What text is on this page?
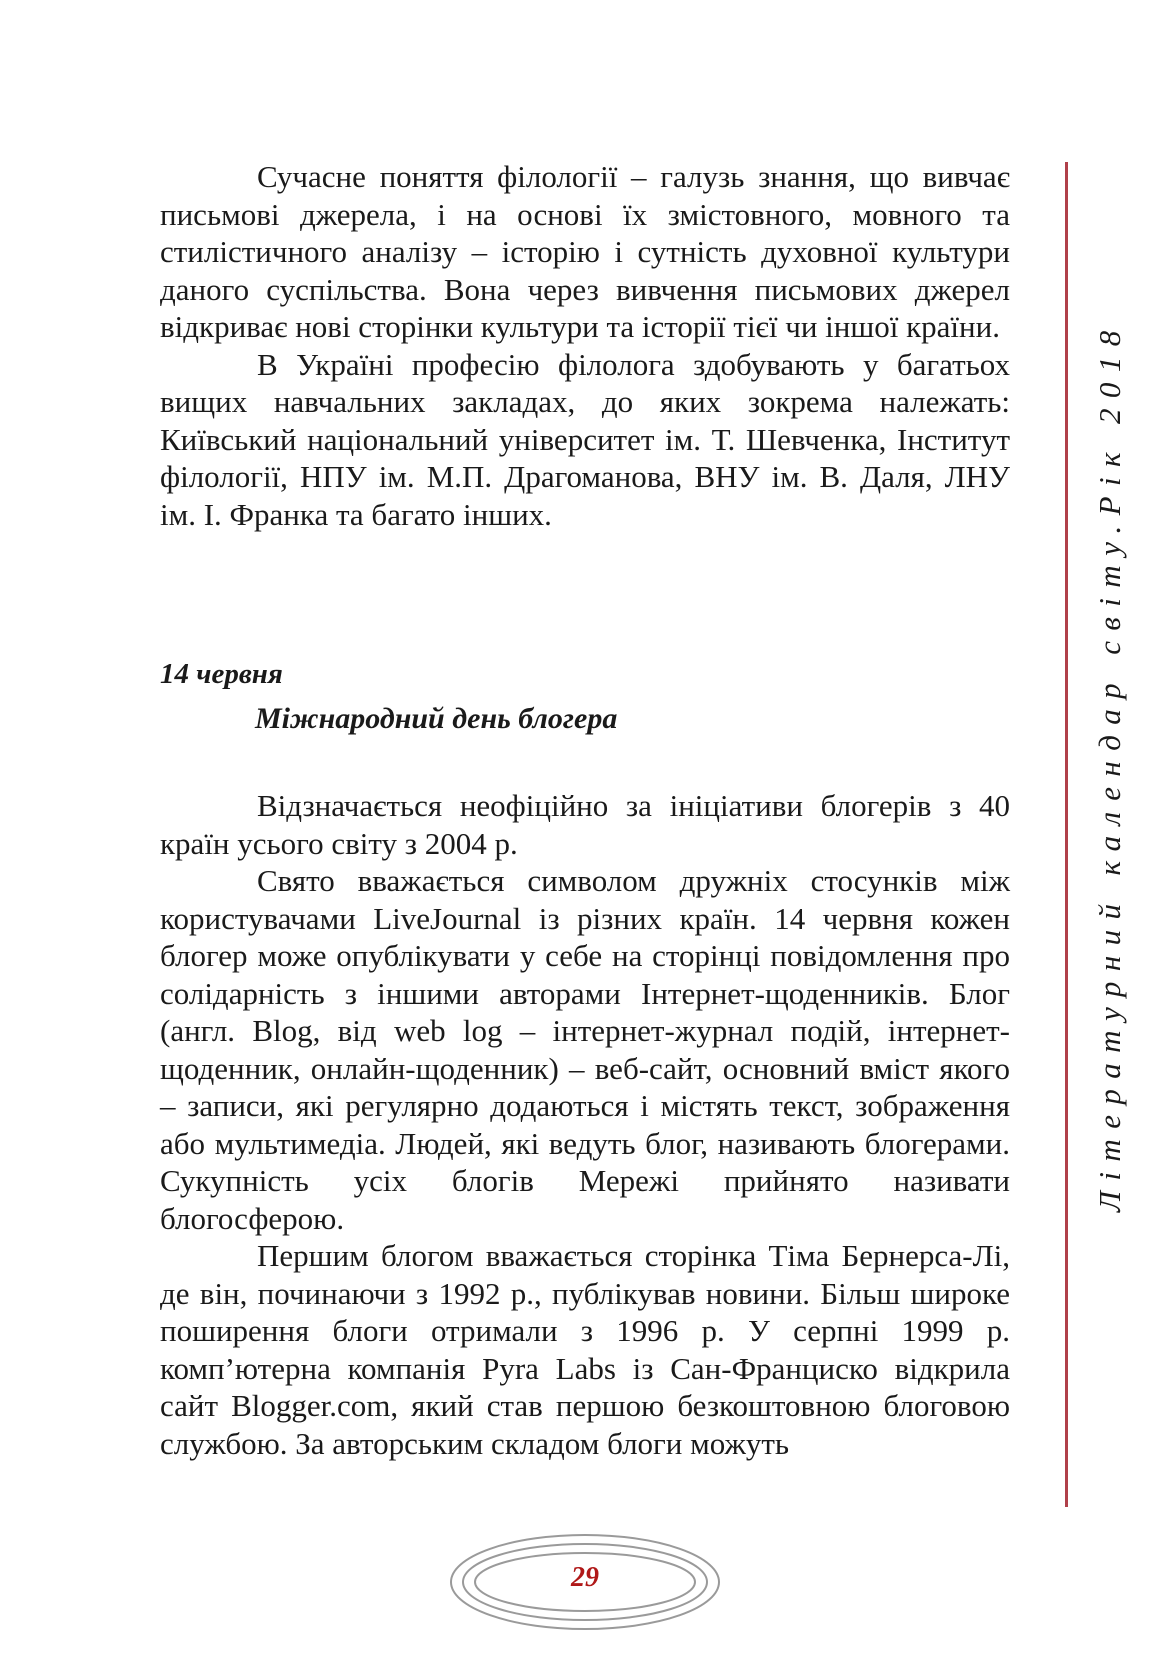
Сучасне поняття філології – галузь знання, що вивчає письмові джерела, і на основі їх змістовного, мовного та стилістичного аналізу – історію і сутність духовної культури даного суспільства. Вона через вивчення письмових джерел відкриває нові сторінки культури та історії тієї чи іншої країни.

В Україні професію філолога здобувають у багатьох вищих навчальних закладах, до яких зокрема належать: Київський національний університет ім. Т. Шевченка, Інститут філології, НПУ ім. М.П. Драгоманова, ВНУ ім. В. Даля, ЛНУ ім. І. Франка та багато інших.

14 червня
Міжнародний день блогера

Відзначається неофіційно за ініціативи блогерів з 40 країн усього світу з 2004 р.

Свято вважається символом дружніх стосунків між користувачами LiveJournal із різних країн. 14 червня кожен блогер може опублікувати у себе на сторінці повідомлення про солідарність з іншими авторами Інтернет-щоденників. Блог (англ. Blog, від web log – інтернет-журнал подій, інтернет-щоденник, онлайн-щоденник) – веб-сайт, основний вміст якого – записи, які регулярно додаються і містять текст, зображення або мультимедіа. Людей, які ведуть блог, називають блогерами. Сукупність усіх блогів Мережі прийнято називати блогосферою.

Першим блогом вважається сторінка Тіма Бернерса-Лі, де він, починаючи з 1992 р., публікував новини. Більш широке поширення блоги отримали з 1996 р. У серпні 1999 р. комп’ютерна компанія Pyra Labs із Сан-Франциско відкрила сайт Blogger.com, який став першою безкоштовною блоговою службою. За авторським складом блоги можуть

Літературний календар світу.Рік 2018
29
